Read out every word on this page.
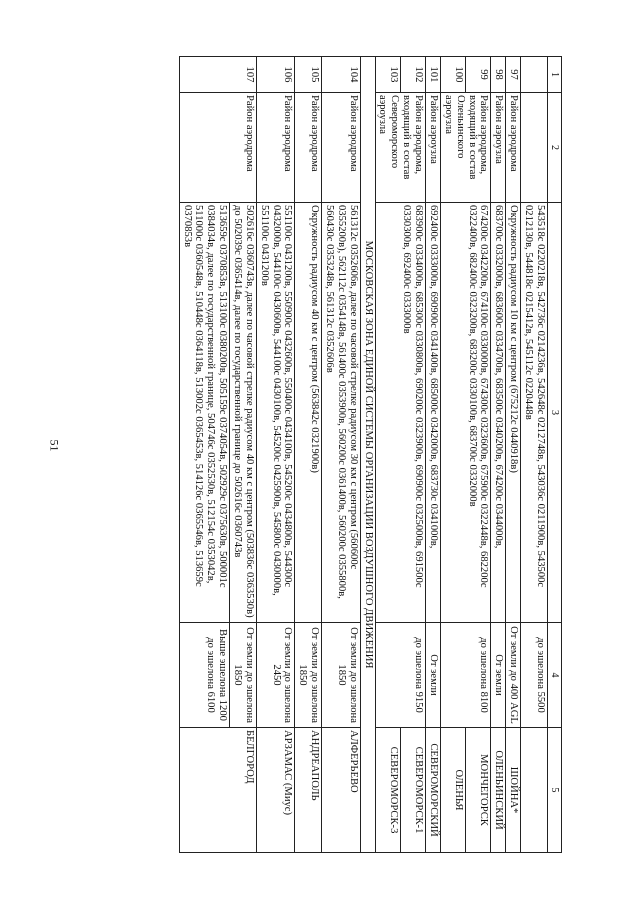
51
1	2	3	4	5
		543518с 0220218в, 542736с 0214236в, 542648с 0212748в, 543036с 0211900в, 543500с 0212130в, 544818с 0215412в, 545112с 0220448в	до эшелона 5500	
97	Район аэродрома	Окружность радиусом 10 км с центром (675212с 0440918в)	От земли до 400 AGL	ШОЙНА*
98	Район аэроузла	683700с 0332000в, 683600с 0334700в, 683500с 0340200в, 674200с 0344000в,	От земли	ОЛЕНЬИНСКИЙ
99	Район аэродрома, входящий в состав Оленьинского аэроузла	674200с 0342200в, 674100с 0330000в, 674300с 0323600в, 675900с 0322448в, 682200с 0322400в, 682400с 0323200в, 683200с 0330100в, 683700с 0332000в	до эшелона 8100	МОНЧЕГОРСК
100				ОЛЕНЬЯ
101	Район аэроузла	692400с 0333000в, 690900с 0341400в, 685000с 0342000в, 683730с 0341000в,	От земли	СЕВЕРОМОРСКИЙ
102	Район аэродрома, входящий в состав Североморского аэроузла	683900с 0334000в, 685300с 0330800в, 690200с 0323900в, 690900с 0325000в, 691500с 0330300в, 692400с 0333000в	до эшелона 9150	СЕВЕРОМОРСК-1
103				СЕВЕРОМОРСК-3
МОСКОВСКАЯ ЗОНА ЕДИНОЙ СИСТЕМЫ ОРГАНИЗАЦИИ ВОЗДУШНОГО ДВИЖЕНИЯ				
104	Район аэродрома	561312с 0352606в, далее по часовой стрелке радиусом 30 км с центром (560600с 0355200в), 562112с 0354148в, 561400с 0353900в, 560200с 0361400в, 560200с 0355800в, 560430с 0353248в, 561312с 0352606в	От земли до эшелона 1850	АЛФЕРЬЕВО
105	Район аэродрома	Окружность радиусом 40 км с центром (563842с 0321900в)	От земли до эшелона 1850	АНДРЕАПОЛЬ
106	Район аэродрома	551100с 0431200в, 550900с 0432600в, 550400с 0434100в, 545200с 0434800в, 544300с 0432000в, 544100с 0430600в, 544100с 0430100в, 545200с 0425900в, 545800с 0430000в, 551100с 0431200в	От земли до эшелона 2450	АРЗАМАС (Миус)
107	Район аэродрома	502616с 0360743в, далее по часовой стрелке радиусом 40 км с центром (503836с 0363530в) до 502039с 0365414в, далее по государственной границе до 502616с 0360743в	От земли до эшелона 1850	БЕЛГОРОД
		513659с 0370853в, 513100с 0380200в, 505159с 0374054в, 502929с 0375630в, 500001с 0384034в, далее по государственной границе, 504746с 0352530в, 512154с 0353042в, 511000с 0360548в, 510448с 0364118в, 513002с 0365453в, 514126с 0365546в, 513659с 0370853в	Выше эшелона 1200 до эшелона 6100	
